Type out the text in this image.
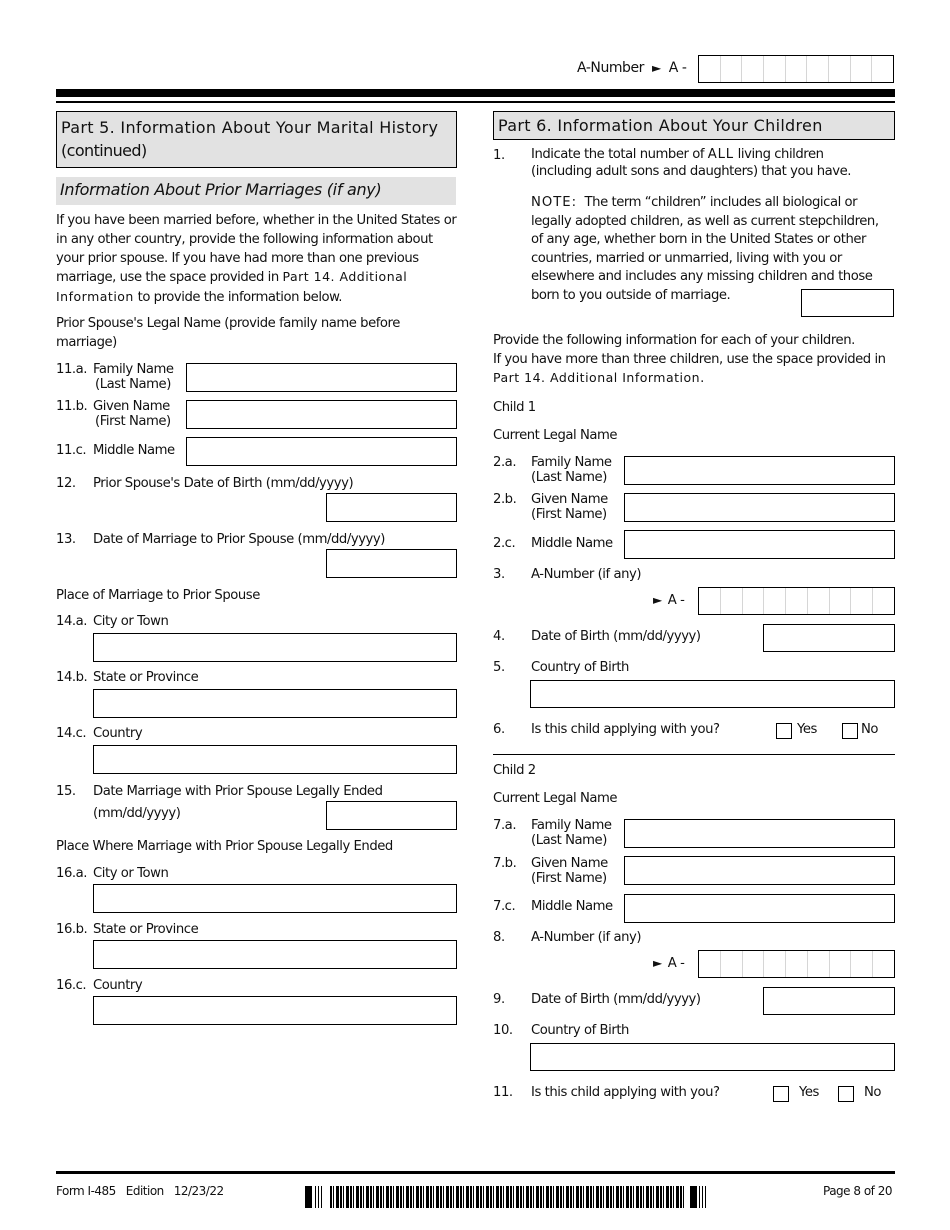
A-Number ► A -
Part 5. Information About Your Marital History
(continued)
Information About Prior Marriages (if any)
If you have been married before, whether in the United States or
in any other country, provide the following information about
your prior spouse. If you have had more than one previous
marriage, use the space provided in Part 14. Additional
Information to provide the information below.
Prior Spouse's Legal Name (provide family name before
marriage)
11.a. Family Name
(Last Name)
11.b. Given Name
(First Name)
11.c. Middle Name
12. Prior Spouse's Date of Birth (mm/dd/yyyy)
13. Date of Marriage to Prior Spouse (mm/dd/yyyy)
Place of Marriage to Prior Spouse
14.a. City or Town
14.b. State or Province
14.c. Country
15. Date Marriage with Prior Spouse Legally Ended
(mm/dd/yyyy)
Place Where Marriage with Prior Spouse Legally Ended
16.a. City or Town
16.b. State or Province
16.c. Country
Part 6. Information About Your Children
1. Indicate the total number of ALL living children
(including adult sons and daughters) that you have.
NOTE:  The term “children” includes all biological or
legally adopted children, as well as current stepchildren,
of any age, whether born in the United States or other
countries, married or unmarried, living with you or
elsewhere and includes any missing children and those
born to you outside of marriage.
Provide the following information for each of your children.
If you have more than three children, use the space provided in
Part 14. Additional Information.
Child 1
Current Legal Name
2.a. Family Name
(Last Name)
2.b. Given Name
(First Name)
2.c. Middle Name
3. A-Number (if any)
► A -
4. Date of Birth (mm/dd/yyyy)
5. Country of Birth
6. Is this child applying with you?	Yes	No
Child 2
Current Legal Name
7.a. Family Name
(Last Name)
7.b. Given Name
(First Name)
7.c. Middle Name
8. A-Number (if any)
► A -
9. Date of Birth (mm/dd/yyyy)
10. Country of Birth
11. Is this child applying with you?	Yes	No
Form I-485   Edition   12/23/22	Page 8 of 20
